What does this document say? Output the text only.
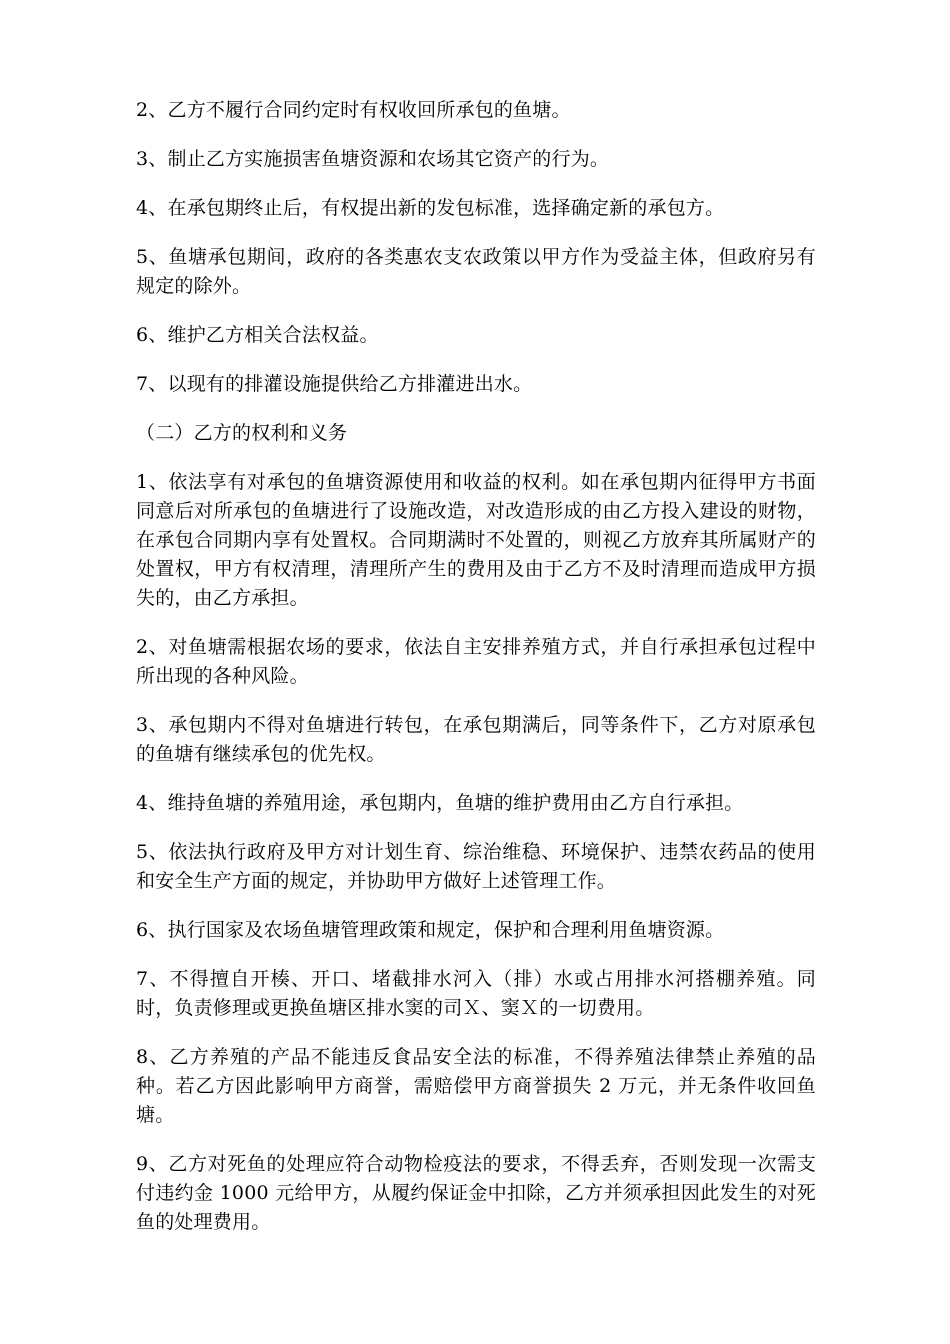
2、乙方不履行合同约定时有权收回所承包的鱼塘。

3、制止乙方实施损害鱼塘资源和农场其它资产的行为。

4、在承包期终止后，有权提出新的发包标准，选择确定新的承包方。

5、鱼塘承包期间，政府的各类惠农支农政策以甲方作为受益主体，但政府另有规定的除外。

6、维护乙方相关合法权益。

7、以现有的排灌设施提供给乙方排灌进出水。

（二）乙方的权利和义务

1、依法享有对承包的鱼塘资源使用和收益的权利。如在承包期内征得甲方书面同意后对所承包的鱼塘进行了设施改造，对改造形成的由乙方投入建设的财物，在承包合同期内享有处置权。合同期满时不处置的，则视乙方放弃其所属财产的处置权，甲方有权清理，清理所产生的费用及由于乙方不及时清理而造成甲方损失的，由乙方承担。

2、对鱼塘需根据农场的要求，依法自主安排养殖方式，并自行承担承包过程中所出现的各种风险。

3、承包期内不得对鱼塘进行转包，在承包期满后，同等条件下，乙方对原承包的鱼塘有继续承包的优先权。

4、维持鱼塘的养殖用途，承包期内，鱼塘的维护费用由乙方自行承担。

5、依法执行政府及甲方对计划生育、综治维稳、环境保护、违禁农药品的使用和安全生产方面的规定，并协助甲方做好上述管理工作。

6、执行国家及农场鱼塘管理政策和规定，保护和合理利用鱼塘资源。

7、不得擅自开楱、开口、堵截排水河入（排）水或占用排水河搭棚养殖。同时，负责修理或更换鱼塘区排水窦的司Ｘ、窦Ｘ的一切费用。

8、乙方养殖的产品不能违反食品安全法的标准，不得养殖法律禁止养殖的品种。若乙方因此影响甲方商誉，需赔偿甲方商誉损失 2 万元，并无条件收回鱼塘。

9、乙方对死鱼的处理应符合动物检疫法的要求，不得丢弃，否则发现一次需支付违约金 1000 元给甲方，从履约保证金中扣除，乙方并须承担因此发生的对死鱼的处理费用。
